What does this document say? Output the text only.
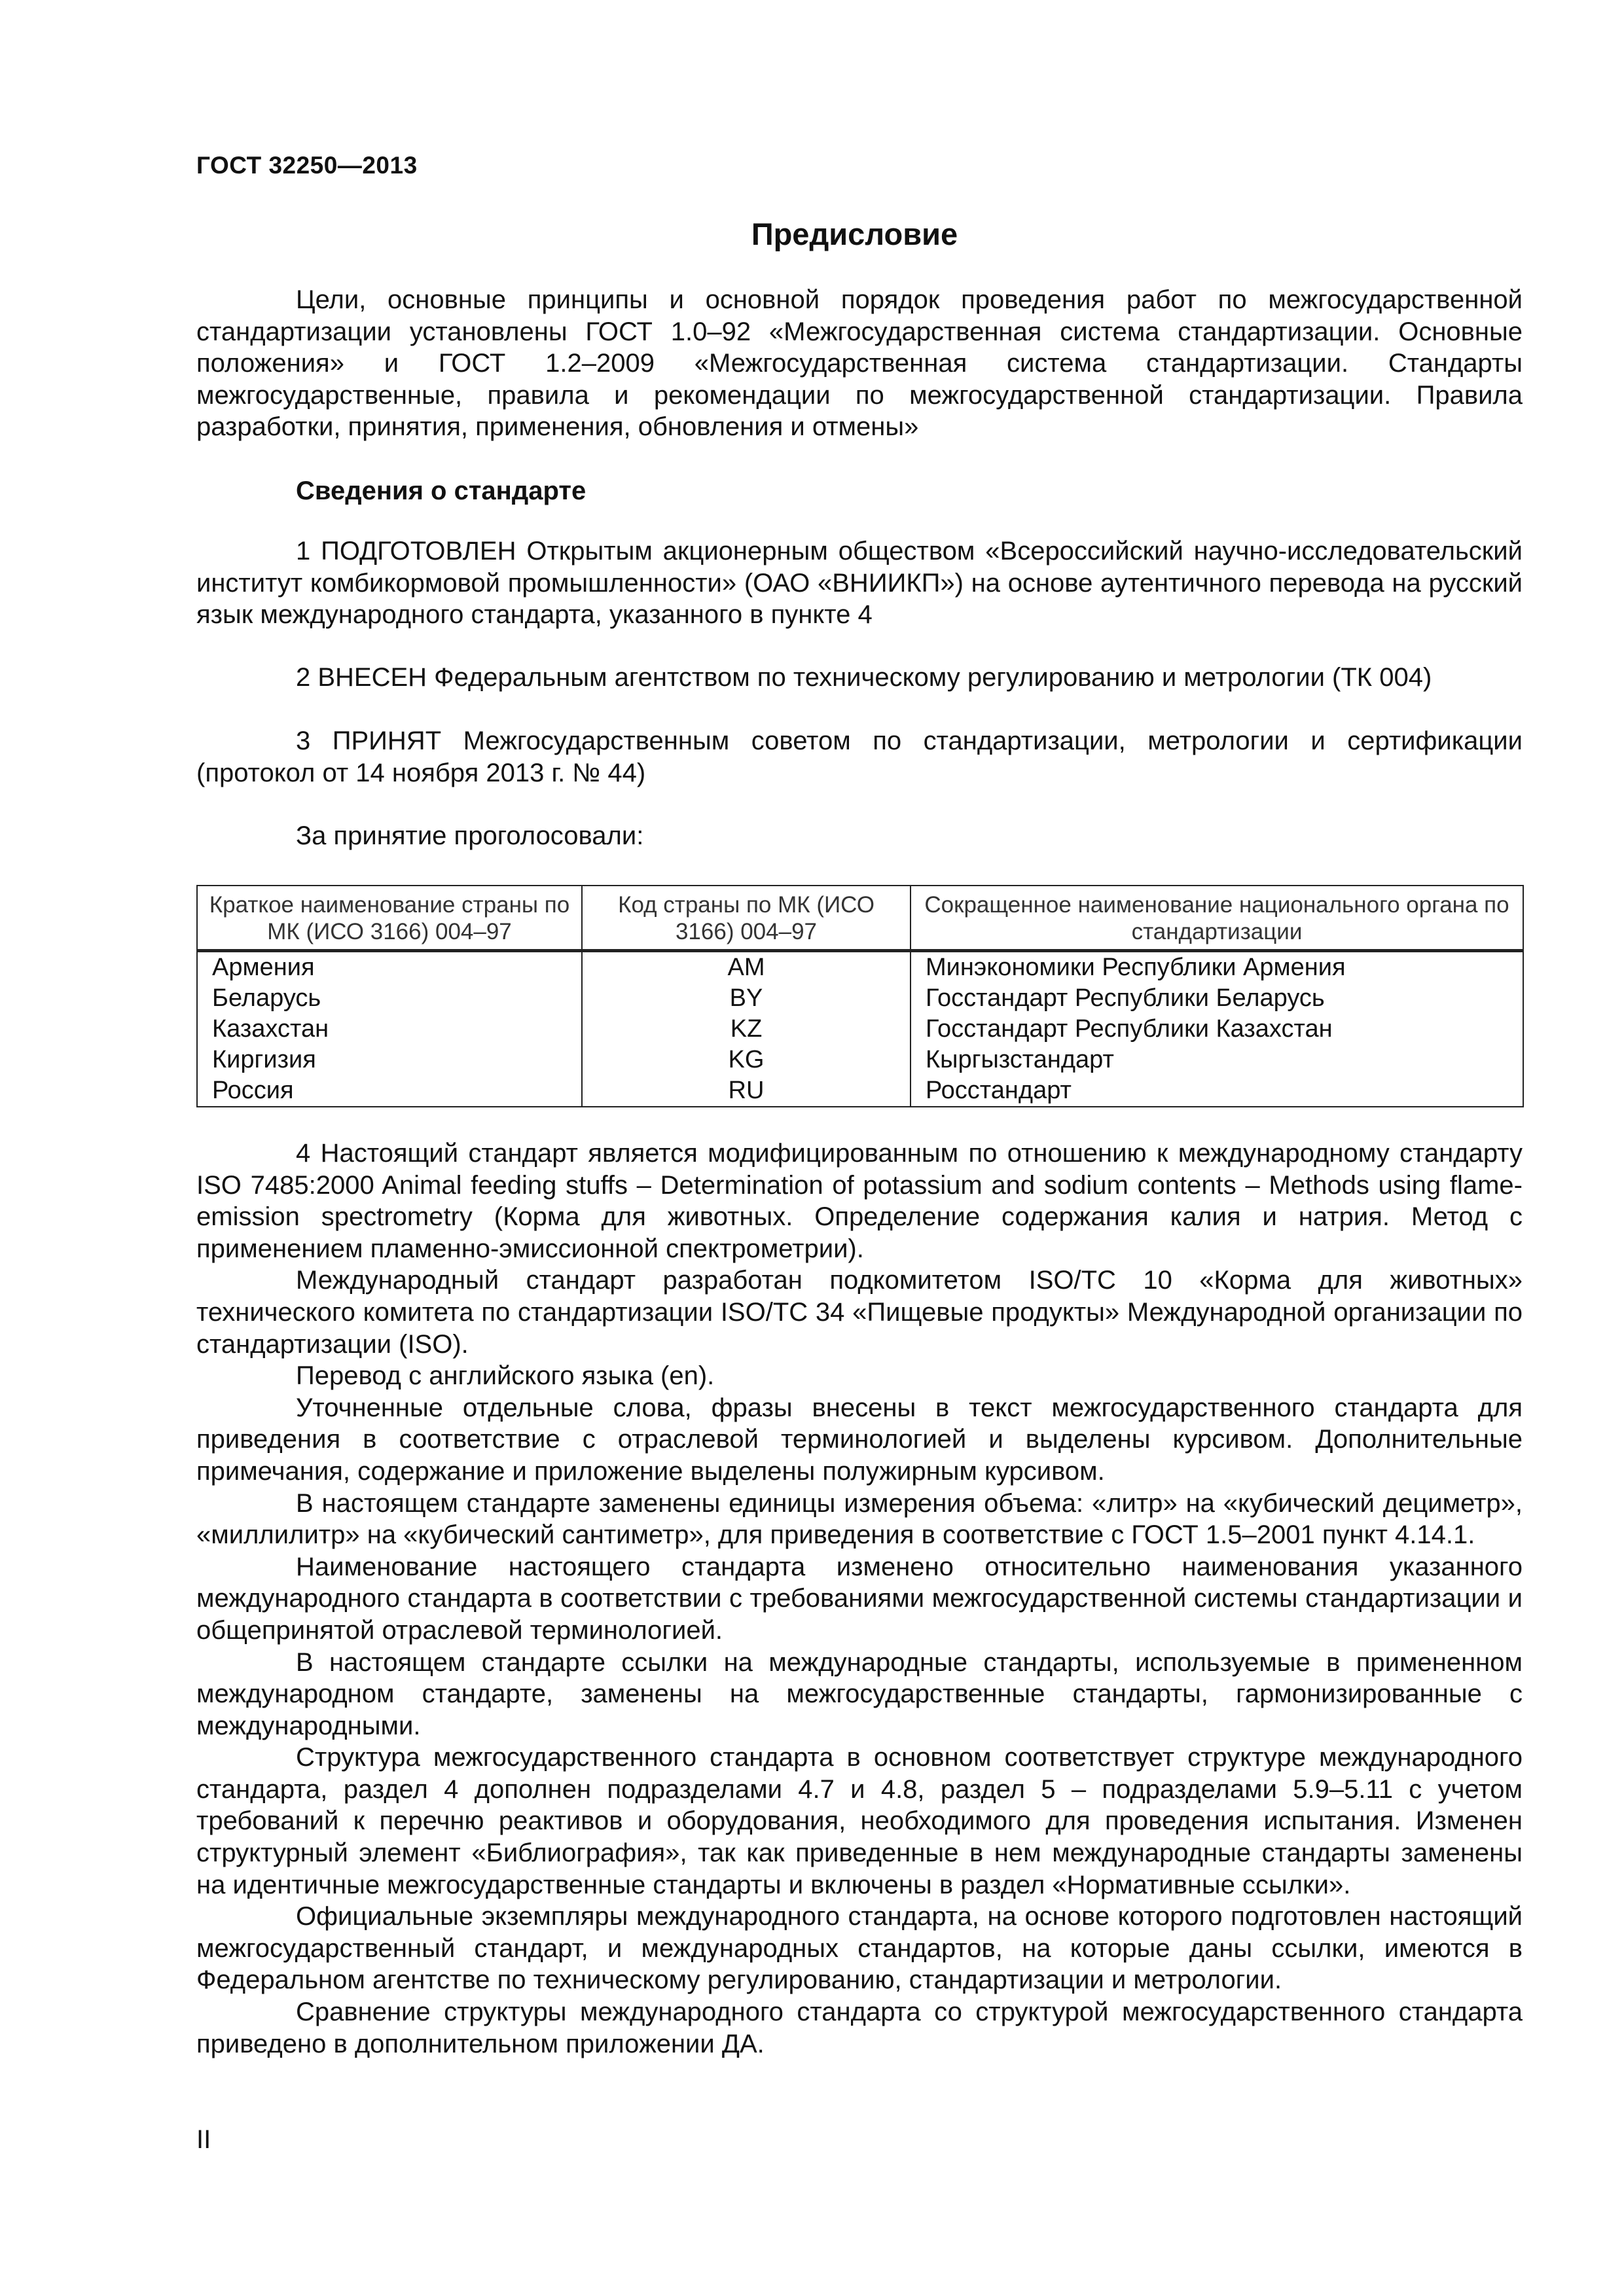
ГОСТ 32250—2013
Предисловие

Цели, основные принципы и основной порядок проведения работ по межгосударственной стандартизации установлены ГОСТ 1.0–92 «Межгосударственная система стандартизации. Основные положения» и ГОСТ 1.2–2009 «Межгосударственная система стандартизации. Стандарты межгосударственные, правила и рекомендации по межгосударственной стандартизации. Правила разработки, принятия, применения, обновления и отмены»

Сведения о стандарте

1 ПОДГОТОВЛЕН Открытым акционерным обществом «Всероссийский научно-исследовательский институт комбикормовой промышленности» (ОАО «ВНИИКП») на основе аутентичного перевода на русский язык международного стандарта, указанного в пункте 4

2 ВНЕСЕН Федеральным агентством по техническому регулированию и метрологии (ТК 004)

3 ПРИНЯТ Межгосударственным советом по стандартизации, метрологии и сертификации (протокол от 14 ноября 2013 г. № 44)

За принятие проголосовали:
Краткое наименование страны по МК (ИСО 3166) 004–97	Код страны по МК (ИСО 3166) 004–97	Сокращенное наименование национального органа по стандартизации
Армения	AM	Минэкономики Республики Армения
Беларусь	BY	Госстандарт Республики Беларусь
Казахстан	KZ	Госстандарт Республики Казахстан
Киргизия	KG	Кыргызстандарт
Россия	RU	Росстандарт

4 Настоящий стандарт является модифицированным по отношению к международному стандарту ISO 7485:2000 Animal feeding stuffs – Determination of potassium and sodium contents – Methods using flame-emission spectrometry (Корма для животных. Определение содержания калия и натрия. Метод с применением пламенно-эмиссионной спектрометрии).

Международный стандарт разработан подкомитетом ISO/TC 10 «Корма для животных» технического комитета по стандартизации ISO/TC 34 «Пищевые продукты» Международной организации по стандартизации (ISO).

Перевод с английского языка (en).

Уточненные отдельные слова, фразы внесены в текст межгосударственного стандарта для приведения в соответствие с отраслевой терминологией и выделены курсивом. Дополнительные примечания, содержание и приложение выделены полужирным курсивом.

В настоящем стандарте заменены единицы измерения объема: «литр» на «кубический дециметр», «миллилитр» на «кубический сантиметр», для приведения в соответствие с ГОСТ 1.5–2001 пункт 4.14.1.

Наименование настоящего стандарта изменено относительно наименования указанного международного стандарта в соответствии с требованиями межгосударственной системы стандартизации и общепринятой отраслевой терминологией.

В настоящем стандарте ссылки на международные стандарты, используемые в примененном международном стандарте, заменены на межгосударственные стандарты, гармонизированные с международными.

Структура межгосударственного стандарта в основном соответствует структуре международного стандарта, раздел 4 дополнен подразделами 4.7 и 4.8, раздел 5 – подразделами 5.9–5.11 с учетом требований к перечню реактивов и оборудования, необходимого для проведения испытания. Изменен структурный элемент «Библиография», так как приведенные в нем международные стандарты заменены на идентичные межгосударственные стандарты и включены в раздел «Нормативные ссылки».

Официальные экземпляры международного стандарта, на основе которого подготовлен настоящий межгосударственный стандарт, и международных стандартов, на которые даны ссылки, имеются в Федеральном агентстве по техническому регулированию, стандартизации и метрологии.

Сравнение структуры международного стандарта со структурой межгосударственного стандарта приведено в дополнительном приложении ДА.

II
